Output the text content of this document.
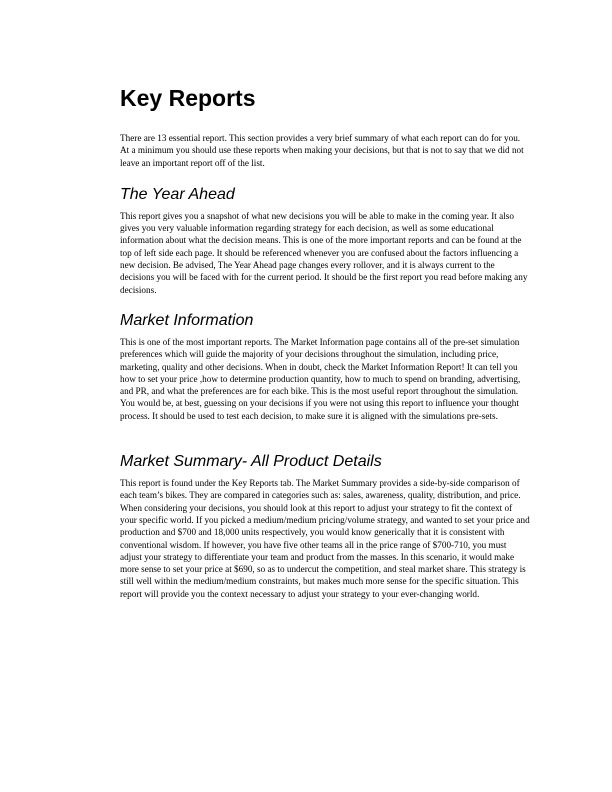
Key Reports

There are 13 essential report. This section provides a very brief summary of what each report can do for you. At a minimum you should use these reports when making your decisions, but that is not to say that we did not leave an important report off of the list.

The Year Ahead

This report gives you a snapshot of what new decisions you will be able to make in the coming year. It also gives you very valuable information regarding strategy for each decision, as well as some educational information about what the decision means. This is one of the more important reports and can be found at the top of left side each page. It should be referenced whenever you are confused about the factors influencing a new decision. Be advised, The Year Ahead page changes every rollover, and it is always current to the decisions you will be faced with for the current period. It should be the first report you read before making any decisions.

Market Information

This is one of the most important reports. The Market Information page contains all of the pre-set simulation preferences which will guide the majority of your decisions throughout the simulation, including price, marketing, quality and other decisions. When in doubt, check the Market Information Report! It can tell you how to set your price ,how to determine production quantity, how to much to spend on branding, advertising, and PR, and what the preferences are for each bike. This is the most useful report throughout the simulation. You would be, at best, guessing on your decisions if you were not using this report to influence your thought process. It should be used to test each decision, to make sure it is aligned with the simulations pre-sets.

Market Summary- All Product Details

This report is found under the Key Reports tab. The Market Summary provides a side-by-side comparison of each team’s bikes. They are compared in categories such as: sales, awareness, quality, distribution, and price. When considering your decisions, you should look at this report to adjust your strategy to fit the context of your specific world. If you picked a medium/medium pricing/volume strategy, and wanted to set your price and production and $700 and 18,000 units respectively, you would know generically that it is consistent with conventional wisdom. If however, you have five other teams all in the price range of $700-710, you must adjust your strategy to differentiate your team and product from the masses. In this scenario, it would make more sense to set your price at $690, so as to undercut the competition, and steal market share. This strategy is still well within the medium/medium constraints, but makes much more sense for the specific situation. This report will provide you the context necessary to adjust your strategy to your ever-changing world.
